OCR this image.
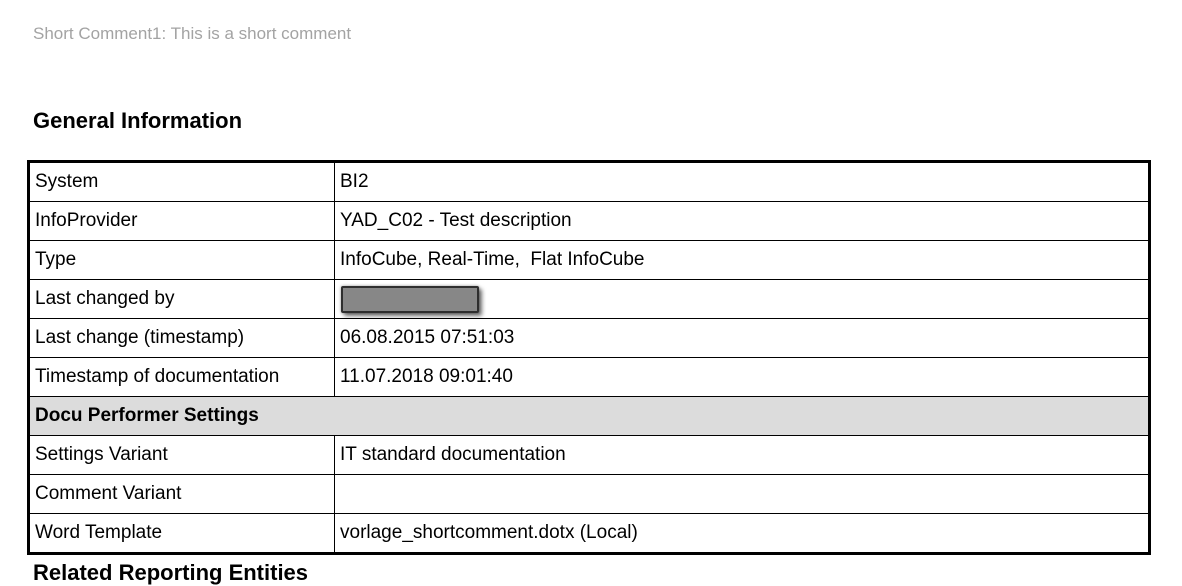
Short Comment1: This is a short comment
General Information
System	BI2
InfoProvider	YAD_C02 - Test description
Type	InfoCube, Real-Time,  Flat InfoCube
Last changed by	
Last change (timestamp)	06.08.2015 07:51:03
Timestamp of documentation	11.07.2018 09:01:40
Docu Performer Settings	
Settings Variant	IT standard documentation
Comment Variant	
Word Template	vorlage_shortcomment.dotx (Local)
Related Reporting Entities
